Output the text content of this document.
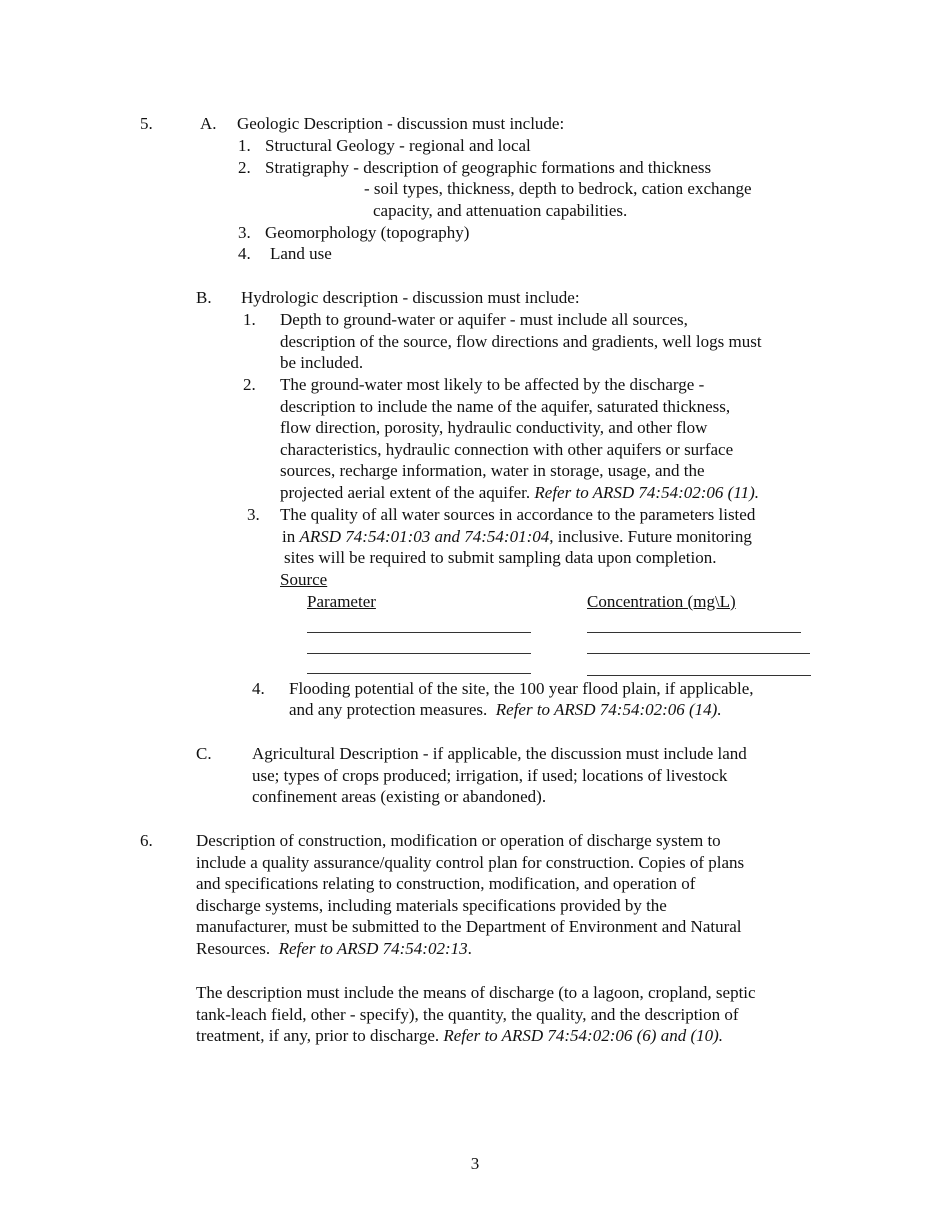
5.	A. Geologic Description - discussion must include:
1. Structural Geology - regional and local
2. Stratigraphy - description of geographic formations and thickness
- soil types, thickness, depth to bedrock, cation exchange
capacity, and attenuation capabilities.
3. Geomorphology (topography)
4. Land use
B. Hydrologic description - discussion must include:
1. Depth to ground-water or aquifer - must include all sources,
description of the source, flow directions and gradients, well logs must
be included.
2. The ground-water most likely to be affected by the discharge -
description to include the name of the aquifer, saturated thickness,
flow direction, porosity, hydraulic conductivity, and other flow
characteristics, hydraulic connection with other aquifers or surface
sources, recharge information, water in storage, usage, and the
projected aerial extent of the aquifer. Refer to ARSD 74:54:02:06 (11).
3. The quality of all water sources in accordance to the parameters listed
in ARSD 74:54:01:03 and 74:54:01:04, inclusive. Future monitoring
sites will be required to submit sampling data upon completion.
Source
Parameter	Concentration (mg\L)
4. Flooding potential of the site, the 100 year flood plain, if applicable,
and any protection measures.  Refer to ARSD 74:54:02:06 (14).
C. Agricultural Description - if applicable, the discussion must include land
use; types of crops produced; irrigation, if used; locations of livestock
confinement areas (existing or abandoned).
6.	Description of construction, modification or operation of discharge system to
include a quality assurance/quality control plan for construction. Copies of plans
and specifications relating to construction, modification, and operation of
discharge systems, including materials specifications provided by the
manufacturer, must be submitted to the Department of Environment and Natural
Resources.  Refer to ARSD 74:54:02:13.
The description must include the means of discharge (to a lagoon, cropland, septic
tank-leach field, other - specify), the quantity, the quality, and the description of
treatment, if any, prior to discharge. Refer to ARSD 74:54:02:06 (6) and (10).
3
